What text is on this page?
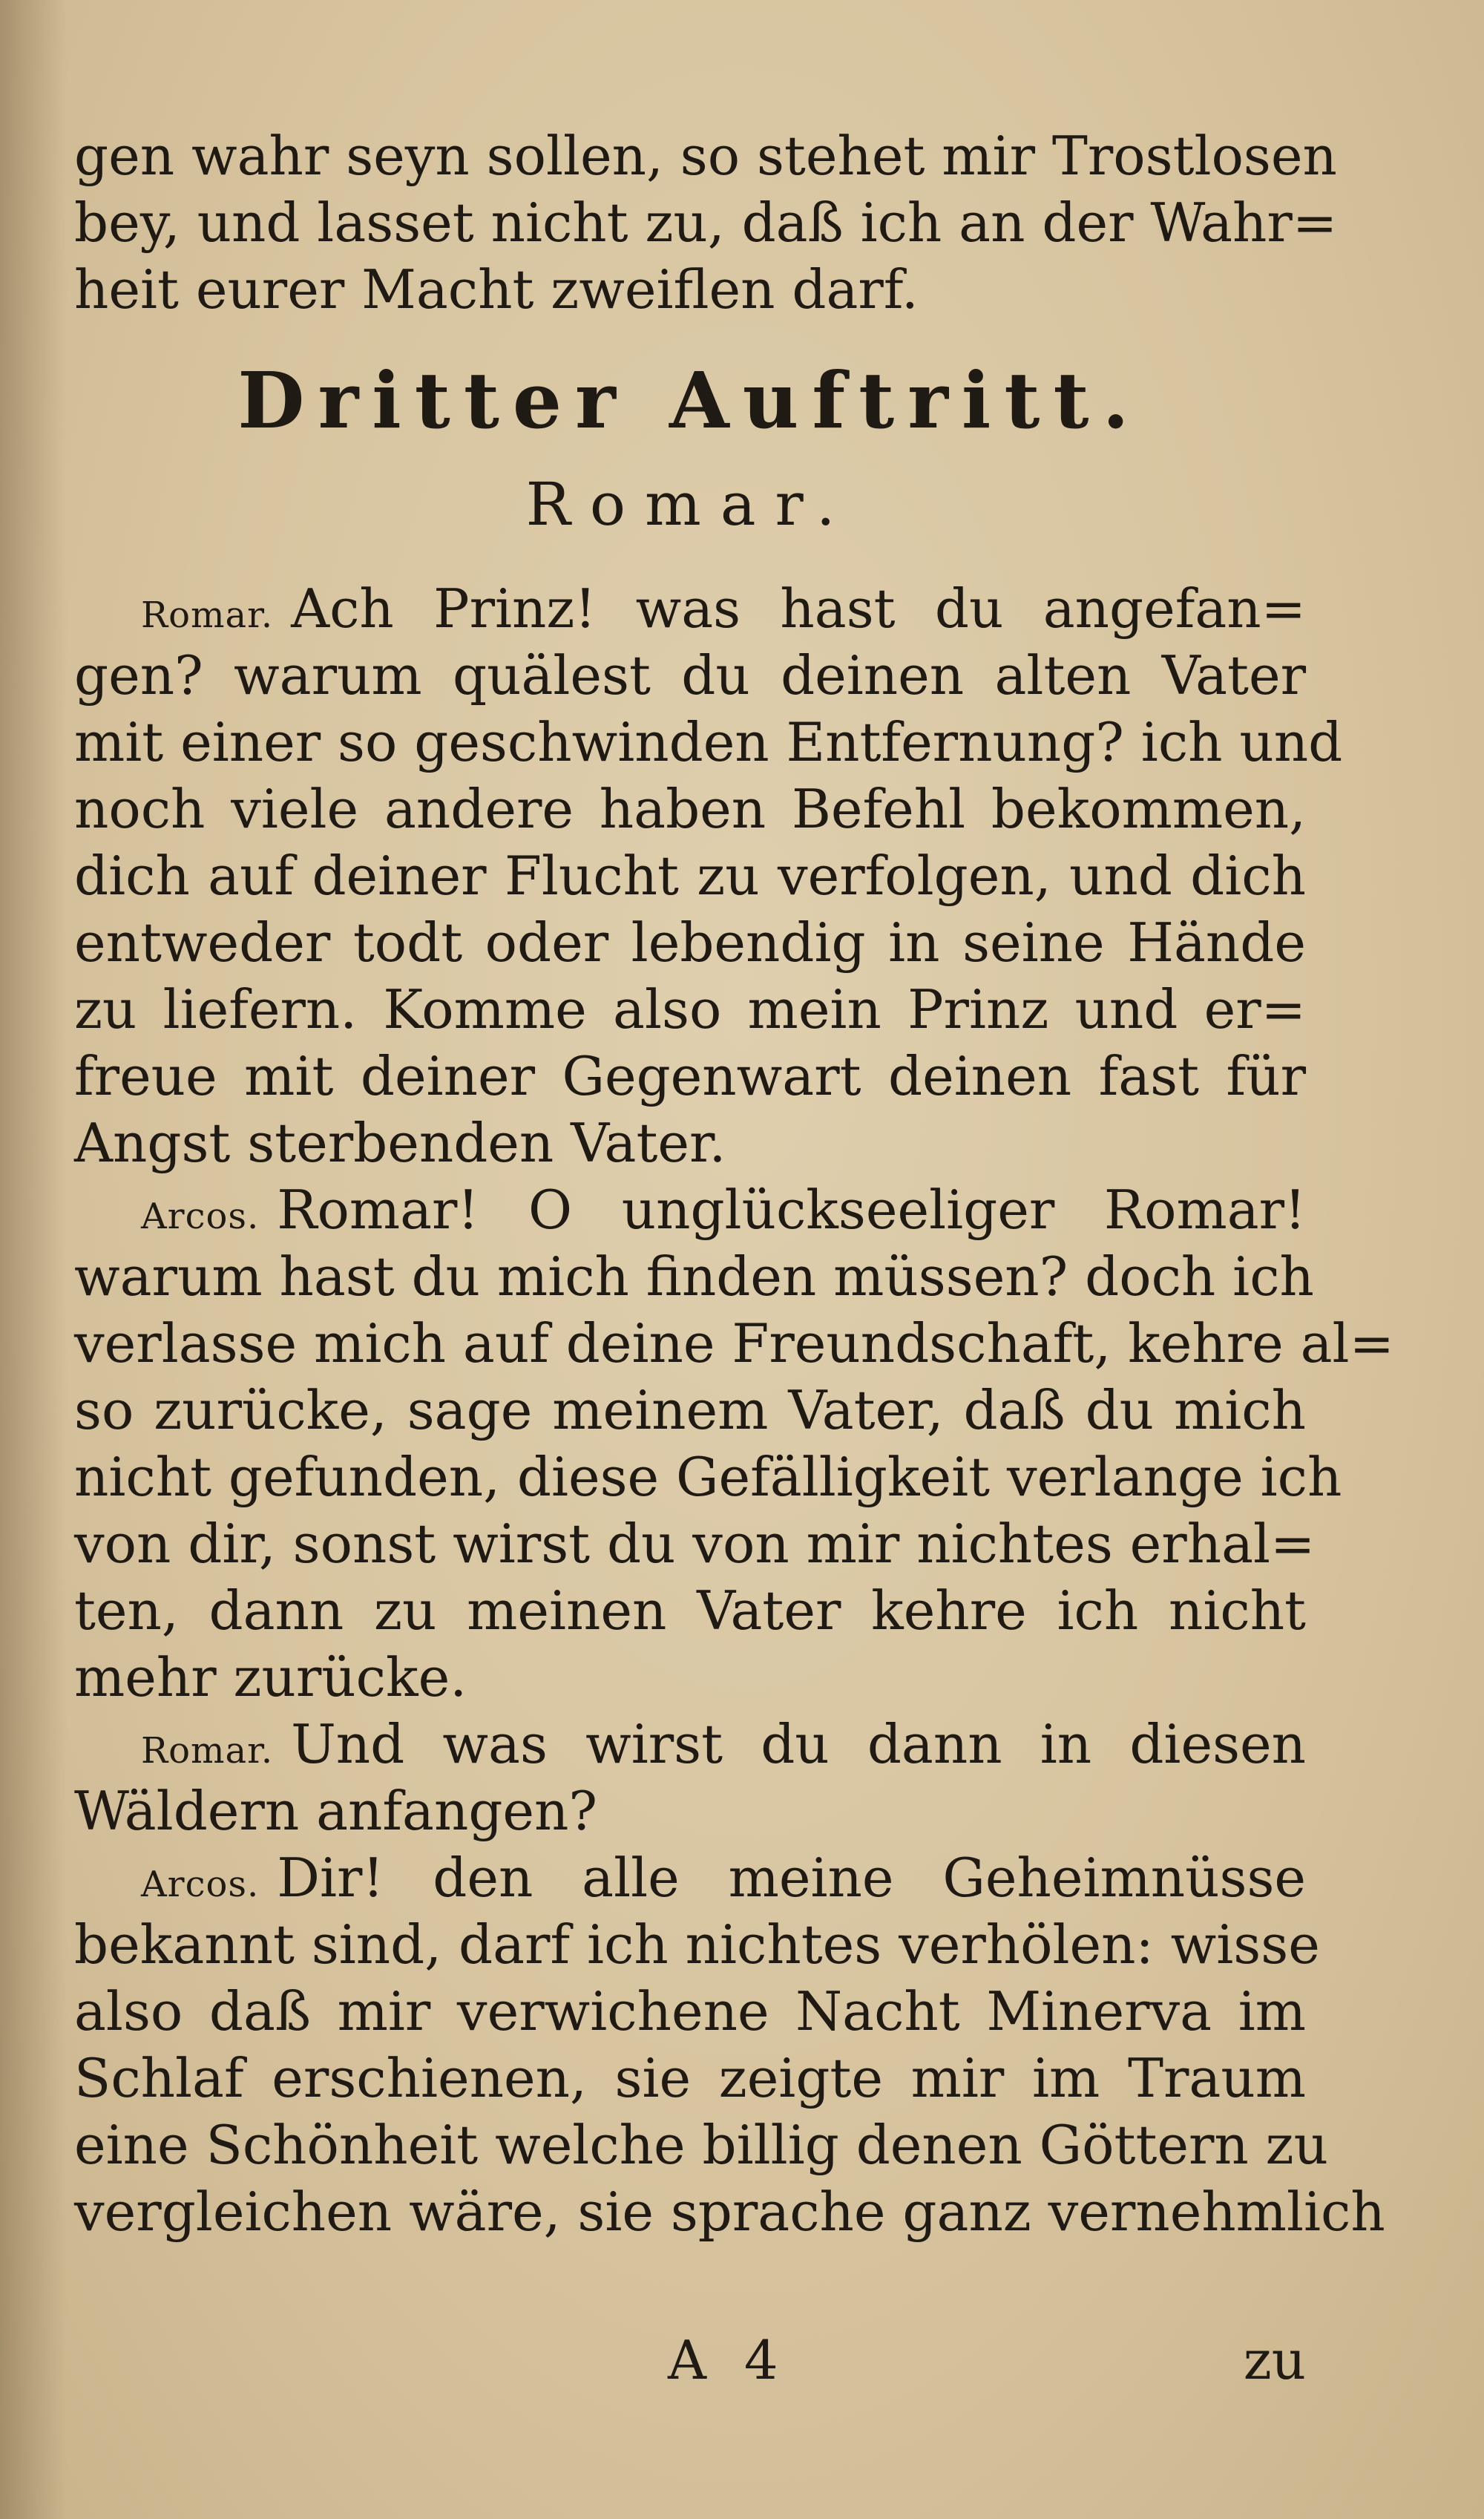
gen wahr seyn sollen, so stehet mir Trostlosen
bey, und lasset nicht zu, daß ich an der Wahr=
heit eurer Macht zweiflen darf.
Dritter Auftritt.
Romar.
Romar. Ach Prinz! was hast du angefan=
gen? warum quälest du deinen alten Vater
mit einer so geschwinden Entfernung? ich und
noch viele andere haben Befehl bekommen,
dich auf deiner Flucht zu verfolgen, und dich
entweder todt oder lebendig in seine Hände
zu liefern. Komme also mein Prinz und er=
freue mit deiner Gegenwart deinen fast für
Angst sterbenden Vater.
Arcos. Romar! O unglückseeliger Romar!
warum hast du mich finden müssen? doch ich
verlasse mich auf deine Freundschaft, kehre al=
so zurücke, sage meinem Vater, daß du mich
nicht gefunden, diese Gefälligkeit verlange ich
von dir, sonst wirst du von mir nichtes erhal=
ten, dann zu meinen Vater kehre ich nicht
mehr zurücke.
Romar. Und was wirst du dann in diesen
Wäldern anfangen?
Arcos. Dir! den alle meine Geheimnüsse
bekannt sind, darf ich nichtes verhölen: wisse
also daß mir verwichene Nacht Minerva im
Schlaf erschienen, sie zeigte mir im Traum
eine Schönheit welche billig denen Göttern zu
vergleichen wäre, sie sprache ganz vernehmlich
A 4	zu
